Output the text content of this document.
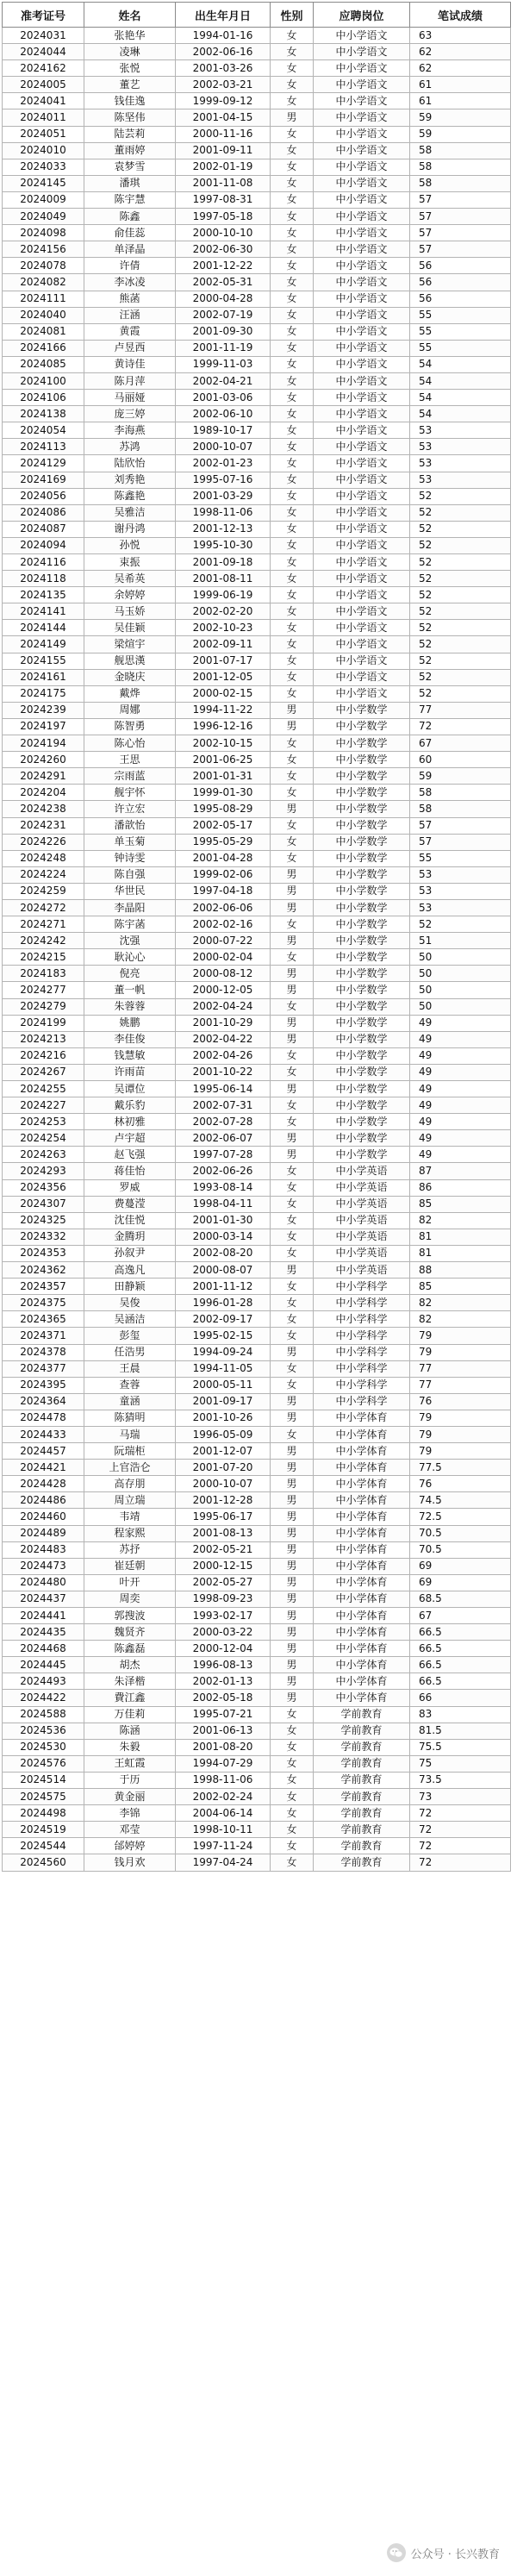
准考证号	姓名	出生年月日	性别	应聘岗位	笔试成绩
2024031	张艳华	1994-01-16	女	中小学语文	63
2024044	凌琳	2002-06-16	女	中小学语文	62
2024162	张悦	2001-03-26	女	中小学语文	62
2024005	董艺	2002-03-21	女	中小学语文	61
2024041	钱佳逸	1999-09-12	女	中小学语文	61
2024011	陈坚伟	2001-04-15	男	中小学语文	59
2024051	陆芸莉	2000-11-16	女	中小学语文	59
2024010	董雨婷	2001-09-11	女	中小学语文	58
2024033	袁梦雪	2002-01-19	女	中小学语文	58
2024145	潘琪	2001-11-08	女	中小学语文	58
2024009	陈宇慧	1997-08-31	女	中小学语文	57
2024049	陈鑫	1997-05-18	女	中小学语文	57
2024098	俞佳蕊	2000-10-10	女	中小学语文	57
2024156	单泽晶	2002-06-30	女	中小学语文	57
2024078	许倩	2001-12-22	女	中小学语文	56
2024082	李冰凌	2002-05-31	女	中小学语文	56
2024111	熊菡	2000-04-28	女	中小学语文	56
2024040	汪涵	2002-07-19	女	中小学语文	55
2024081	黄霞	2001-09-30	女	中小学语文	55
2024166	卢昱西	2001-11-19	女	中小学语文	55
2024085	黄诗佳	1999-11-03	女	中小学语文	54
2024100	陈月萍	2002-04-21	女	中小学语文	54
2024106	马丽娅	2001-03-06	女	中小学语文	54
2024138	庞三婷	2002-06-10	女	中小学语文	54
2024054	李海燕	1989-10-17	女	中小学语文	53
2024113	苏鸿	2000-10-07	女	中小学语文	53
2024129	陆欣怡	2002-01-23	女	中小学语文	53
2024169	刘秀艳	1995-07-16	女	中小学语文	53
2024056	陈鑫艳	2001-03-29	女	中小学语文	52
2024086	吴雅洁	1998-11-06	女	中小学语文	52
2024087	谢丹鸿	2001-12-13	女	中小学语文	52
2024094	孙悦	1995-10-30	女	中小学语文	52
2024116	束振	2001-09-18	女	中小学语文	52
2024118	吴希英	2001-08-11	女	中小学语文	52
2024135	余婷婷	1999-06-19	女	中小学语文	52
2024141	马玉娇	2002-02-20	女	中小学语文	52
2024144	吴佳颖	2002-10-23	女	中小学语文	52
2024149	梁煊宇	2002-09-11	女	中小学语文	52
2024155	舰思漢	2001-07-17	女	中小学语文	52
2024161	金晓庆	2001-12-05	女	中小学语文	52
2024175	戴烨	2000-02-15	女	中小学语文	52
2024239	周娜	1994-11-22	男	中小学数学	77
2024197	陈智勇	1996-12-16	男	中小学数学	72
2024194	陈心怡	2002-10-15	女	中小学数学	67
2024260	王思	2001-06-25	女	中小学数学	60
2024291	宗雨蓝	2001-01-31	女	中小学数学	59
2024204	舰宇怀	1999-01-30	女	中小学数学	58
2024238	许立宏	1995-08-29	男	中小学数学	58
2024231	潘歆怡	2002-05-17	女	中小学数学	57
2024226	单玉菊	1995-05-29	女	中小学数学	57
2024248	钟诗雯	2001-04-28	女	中小学数学	55
2024224	陈自强	1999-02-06	男	中小学数学	53
2024259	华世民	1997-04-18	男	中小学数学	53
2024272	李晶阳	2002-06-06	男	中小学数学	53
2024271	陈宇菡	2002-02-16	女	中小学数学	52
2024242	沈强	2000-07-22	男	中小学数学	51
2024215	耿沁心	2000-02-04	女	中小学数学	50
2024183	倪亮	2000-08-12	男	中小学数学	50
2024277	董一帆	2000-12-05	男	中小学数学	50
2024279	朱蓉蓉	2002-04-24	女	中小学数学	50
2024199	姚鹏	2001-10-29	男	中小学数学	49
2024213	李佳俊	2002-04-22	男	中小学数学	49
2024216	钱慧敏	2002-04-26	女	中小学数学	49
2024267	许雨苗	2001-10-22	女	中小学数学	49
2024255	吴谭位	1995-06-14	男	中小学数学	49
2024227	戴乐豹	2002-07-31	女	中小学数学	49
2024253	林初雅	2002-07-28	女	中小学数学	49
2024254	卢宇超	2002-06-07	男	中小学数学	49
2024263	赵飞强	1997-07-28	男	中小学数学	49
2024293	蒋佳怡	2002-06-26	女	中小学英语	87
2024356	罗威	1993-08-14	女	中小学英语	86
2024307	费蔓滢	1998-04-11	女	中小学英语	85
2024325	沈佳悦	2001-01-30	女	中小学英语	82
2024332	金腾玥	2000-03-14	女	中小学英语	81
2024353	孙叙尹	2002-08-20	女	中小学英语	81
2024362	高逸凡	2000-08-07	男	中小学英语	88
2024357	田静颖	2001-11-12	女	中小学科学	85
2024375	吴俊	1996-01-28	女	中小学科学	82
2024365	吴涵洁	2002-09-17	女	中小学科学	82
2024371	彭玺	1995-02-15	女	中小学科学	79
2024378	任浩男	1994-09-24	男	中小学科学	79
2024377	王晨	1994-11-05	女	中小学科学	77
2024395	查蓉	2000-05-11	女	中小学科学	77
2024364	童涵	2001-09-17	男	中小学科学	76
2024478	陈猜明	2001-10-26	男	中小学体育	79
2024433	马瑞	1996-05-09	女	中小学体育	79
2024457	阮瑞柜	2001-12-07	男	中小学体育	79
2024421	上官浩仑	2001-07-20	男	中小学体育	77.5
2024428	高存朋	2000-10-07	男	中小学体育	76
2024486	周立瑞	2001-12-28	男	中小学体育	74.5
2024460	韦靖	1995-06-17	男	中小学体育	72.5
2024489	程家熙	2001-08-13	男	中小学体育	70.5
2024483	苏抒	2002-05-21	男	中小学体育	70.5
2024473	崔廷朝	2000-12-15	男	中小学体育	69
2024480	叶开	2002-05-27	男	中小学体育	69
2024437	周奕	1998-09-23	男	中小学体育	68.5
2024441	郭搜波	1993-02-17	男	中小学体育	67
2024435	魏贤齐	2000-03-22	男	中小学体育	66.5
2024468	陈鑫磊	2000-12-04	男	中小学体育	66.5
2024445	胡杰	1996-08-13	男	中小学体育	66.5
2024493	朱泽楷	2002-01-13	男	中小学体育	66.5
2024422	費江鑫	2002-05-18	男	中小学体育	66
2024588	万佳莉	1995-07-21	女	学前教育	83
2024536	陈涵	2001-06-13	女	学前教育	81.5
2024530	朱毅	2001-08-20	女	学前教育	75.5
2024576	王虹霞	1994-07-29	女	学前教育	75
2024514	于历	1998-11-06	女	学前教育	73.5
2024575	黄金丽	2002-02-24	女	学前教育	73
2024498	李锦	2004-06-14	女	学前教育	72
2024519	邓莹	1998-10-11	女	学前教育	72
2024544	邰婷婷	1997-11-24	女	学前教育	72
2024560	钱月欢	1997-04-24	女	学前教育	72
公众号 · 长兴教育
